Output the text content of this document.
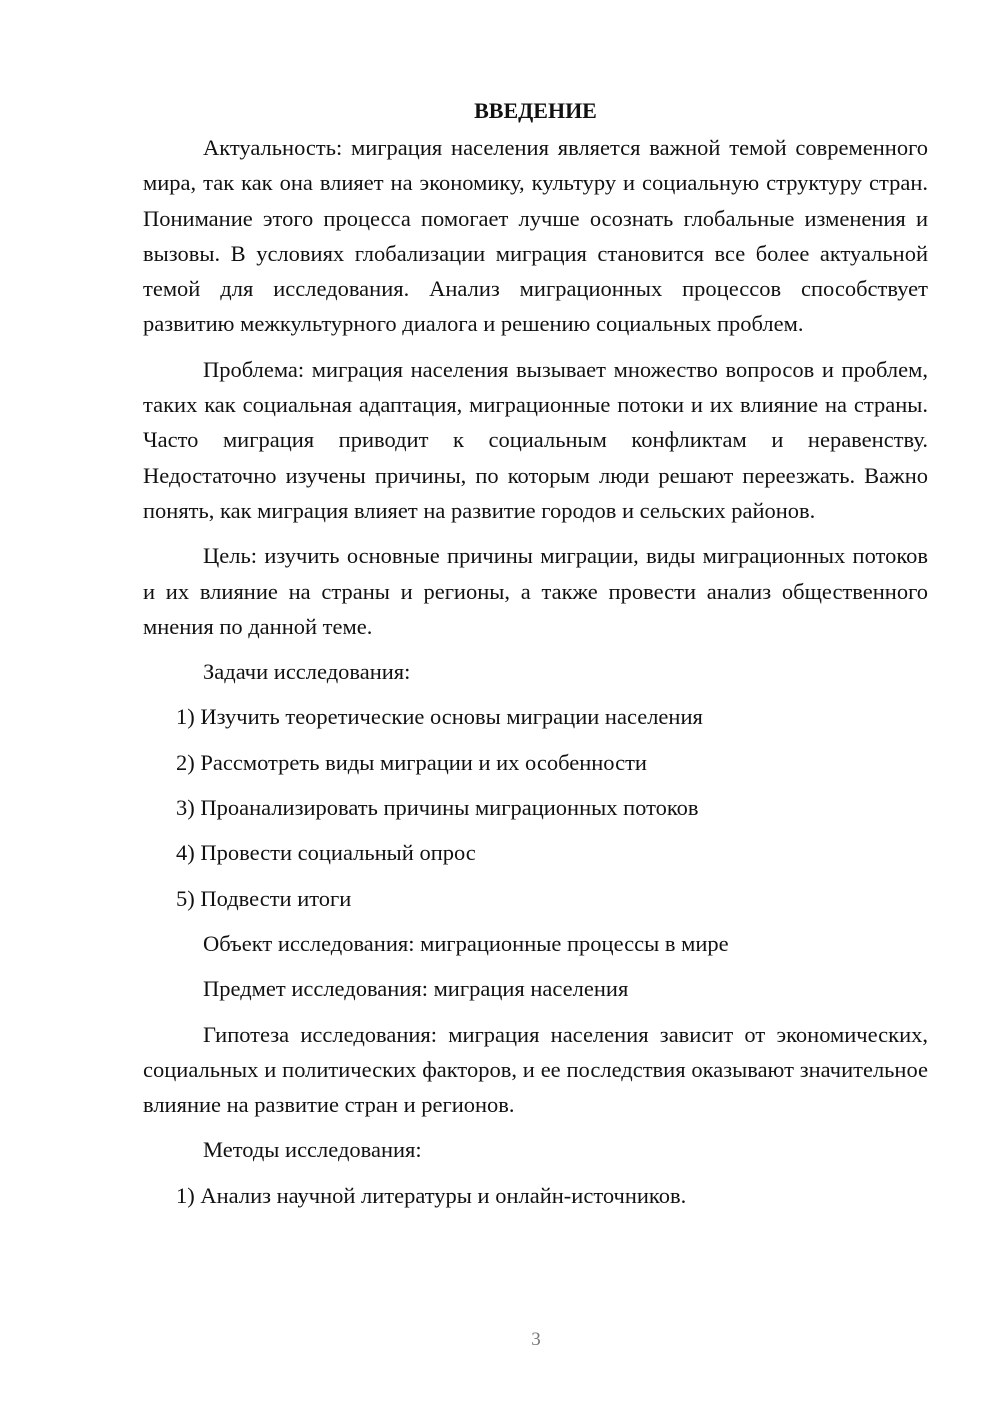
ВВЕДЕНИЕ

Актуальность: миграция населения является важной темой современного мира, так как она влияет на экономику, культуру и социальную структуру стран. Понимание этого процесса помогает лучше осознать глобальные изменения и вызовы. В условиях глобализации миграция становится все более актуальной темой для исследования. Анализ миграционных процессов способствует развитию межкультурного диалога и решению социальных проблем.

Проблема: миграция населения вызывает множество вопросов и проблем, таких как социальная адаптация, миграционные потоки и их влияние на страны. Часто миграция приводит к социальным конфликтам и неравенству. Недостаточно изучены причины, по которым люди решают переезжать. Важно понять, как миграция влияет на развитие городов и сельских районов.

Цель: изучить основные причины миграции, виды миграционных потоков и их влияние на страны и регионы, а также провести анализ общественного мнения по данной теме.

Задачи исследования:

1) Изучить теоретические основы миграции населения
2) Рассмотреть виды миграции и их особенности
3) Проанализировать причины миграционных потоков
4) Провести социальный опрос
5) Подвести итоги

Объект исследования: миграционные процессы в мире

Предмет исследования: миграция населения

Гипотеза исследования: миграция населения зависит от экономических, социальных и политических факторов, и ее последствия оказывают значительное влияние на развитие стран и регионов.

Методы исследования:

1) Анализ научной литературы и онлайн-источников.
3
